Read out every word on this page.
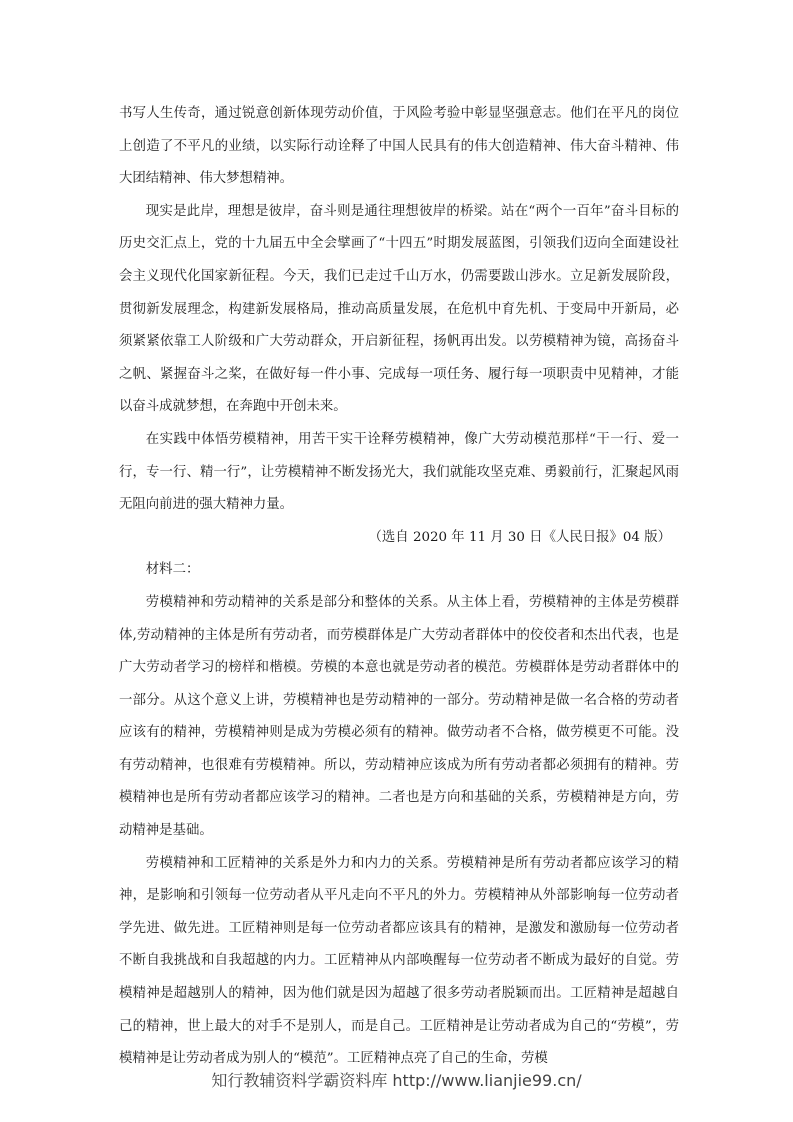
书写人生传奇，通过锐意创新体现劳动价值，于风险考验中彰显坚强意志。他们在平凡的岗位上创造了不平凡的业绩，以实际行动诠释了中国人民具有的伟大创造精神、伟大奋斗精神、伟大团结精神、伟大梦想精神。

现实是此岸，理想是彼岸，奋斗则是通往理想彼岸的桥梁。站在“两个一百年”奋斗目标的历史交汇点上，党的十九届五中全会擘画了“十四五”时期发展蓝图，引领我们迈向全面建设社会主义现代化国家新征程。今天，我们已走过千山万水，仍需要跋山涉水。立足新发展阶段，贯彻新发展理念，构建新发展格局，推动高质量发展，在危机中育先机、于变局中开新局，必须紧紧依靠工人阶级和广大劳动群众，开启新征程，扬帆再出发。以劳模精神为镜，高扬奋斗之帆、紧握奋斗之桨，在做好每一件小事、完成每一项任务、履行每一项职责中见精神，才能以奋斗成就梦想，在奔跑中开创未来。

在实践中体悟劳模精神，用苦干实干诠释劳模精神，像广大劳动模范那样“干一行、爱一行，专一行、精一行”，让劳模精神不断发扬光大，我们就能攻坚克难、勇毅前行，汇聚起风雨无阻向前进的强大精神力量。

（选自 2020 年 11 月 30 日《人民日报》04 版）

材料二：

劳模精神和劳动精神的关系是部分和整体的关系。从主体上看，劳模精神的主体是劳模群体,劳动精神的主体是所有劳动者，而劳模群体是广大劳动者群体中的佼佼者和杰出代表，也是广大劳动者学习的榜样和楷模。劳模的本意也就是劳动者的模范。劳模群体是劳动者群体中的一部分。从这个意义上讲，劳模精神也是劳动精神的一部分。劳动精神是做一名合格的劳动者应该有的精神，劳模精神则是成为劳模必须有的精神。做劳动者不合格，做劳模更不可能。没有劳动精神，也很难有劳模精神。所以，劳动精神应该成为所有劳动者都必须拥有的精神。劳模精神也是所有劳动者都应该学习的精神。二者也是方向和基础的关系，劳模精神是方向，劳动精神是基础。

劳模精神和工匠精神的关系是外力和内力的关系。劳模精神是所有劳动者都应该学习的精神，是影响和引领每一位劳动者从平凡走向不平凡的外力。劳模精神从外部影响每一位劳动者学先进、做先进。工匠精神则是每一位劳动者都应该具有的精神，是激发和激励每一位劳动者不断自我挑战和自我超越的内力。工匠精神从内部唤醒每一位劳动者不断成为最好的自觉。劳模精神是超越别人的精神，因为他们就是因为超越了很多劳动者脱颖而出。工匠精神是超越自己的精神，世上最大的对手不是别人，而是自己。工匠精神是让劳动者成为自己的“劳模”，劳模精神是让劳动者成为别人的“模范”。工匠精神点亮了自己的生命，劳模

知行教辅资料学霸资料库 http://www.lianjie99.cn/
